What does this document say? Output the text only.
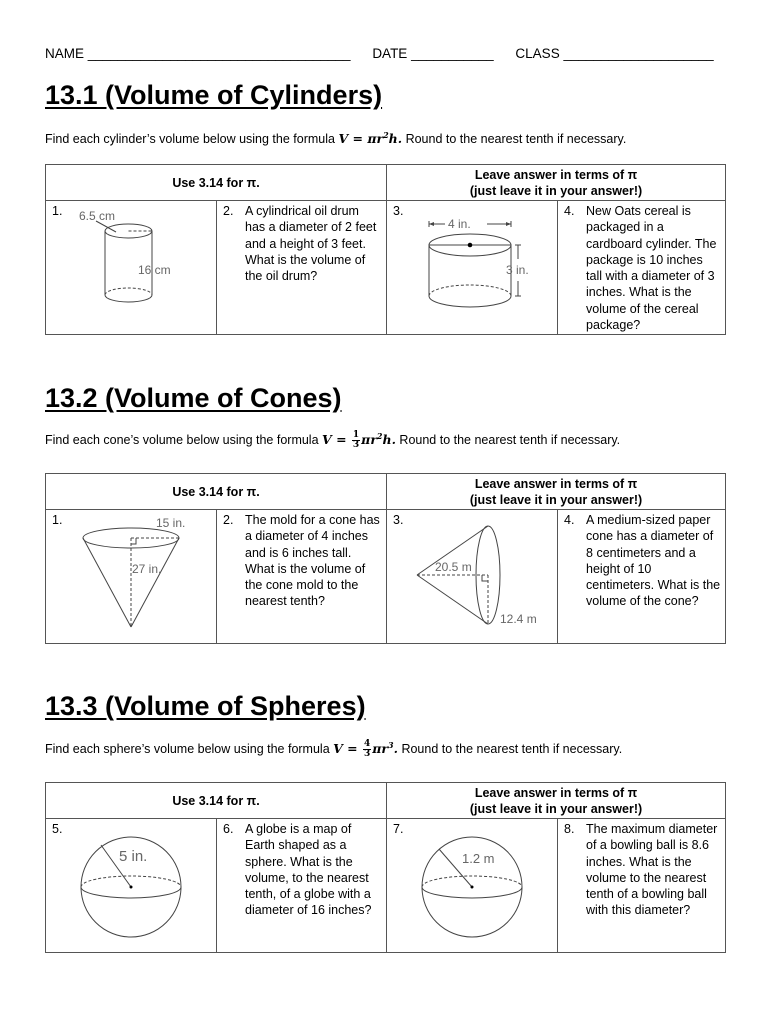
NAME ___________________________________ DATE ___________ CLASS ____________________
13.1 (Volume of Cylinders)
Find each cylinder’s volume below using the formula $V = \pi r^2h$. Round to the nearest tenth if necessary.
Use 3.14 for π.		Leave answer in terms of π
(just leave it in your answer!)	

1. 6.5 cm
16 cm	2. A cylindrical oil drum has a diameter of 2 feet and a height of 3 feet. What is the volume of the oil drum?	3.
4 in.
3 in.	4. New Oats cereal is packaged in a cardboard cylinder. The package is 10 inches tall with a diameter of 3 inches. What is the volume of the cereal package?
13.2 (Volume of Cones)
Find each cone’s volume below using the formula $V = \frac{1}{3} \pi r^2h$. Round to the nearest tenth if necessary.
Use 3.14 for π.		Leave answer in terms of π
(just leave it in your answer!)	

1. 15 in.
27 in.	2. The mold for a cone has a diameter of 4 inches and is 6 inches tall. What is the volume of the cone mold to the nearest tenth?	3.
20.5 m
12.4 m	4. A medium-sized paper cone has a diameter of 8 centimeters and a height of 10 centimeters. What is the volume of the cone?
13.3 (Volume of Spheres)
Find each sphere’s volume below using the formula $V = \frac{4}{3} \pi r^3$. Round to the nearest tenth if necessary.
Use 3.14 for π.		Leave answer in terms of π
(just leave it in your answer!)	

5.
5 in.	6. A globe is a map of Earth shaped as a sphere. What is the volume, to the nearest tenth, of a globe with a diameter of 16 inches?	7.
1.2 m	8. The maximum diameter of a bowling ball is 8.6 inches. What is the volume to the nearest tenth of a bowling ball with this diameter?
